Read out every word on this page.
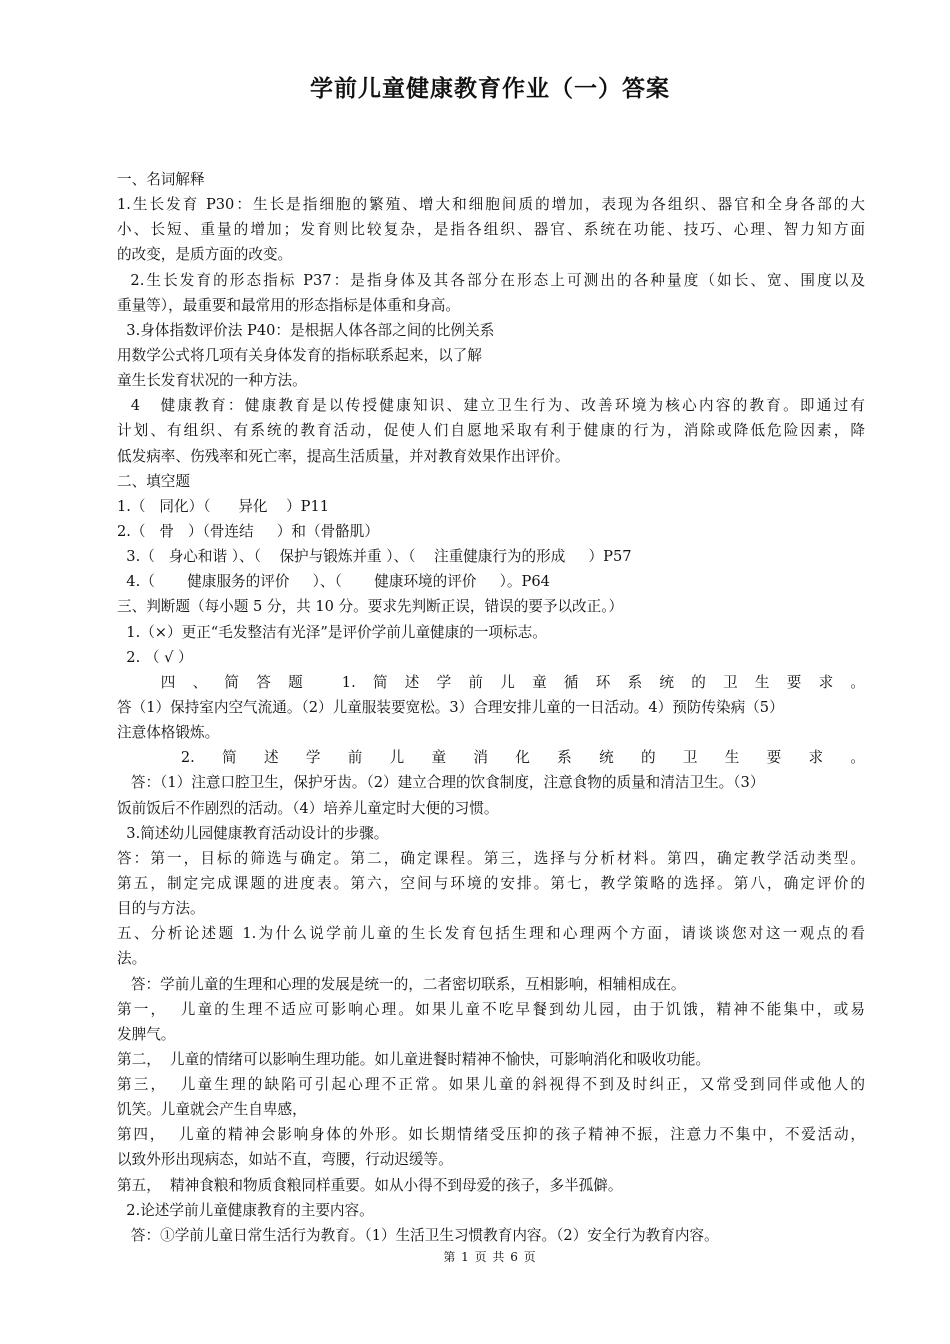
学前儿童健康教育作业（一）答案
一、名词解释
1.生长发育 P30：生长是指细胞的繁殖、增大和细胞间质的增加，表现为各组织、器官和全身各部的大
小、长短、重量的增加；发育则比较复杂，是指各组织、器官、系统在功能、技巧、心理、智力知方面
的改变，是质方面的改变。
2.生长发育的形态指标 P37：是指身体及其各部分在形态上可测出的各种量度（如长、宽、围度以及
重量等），最重要和最常用的形态指标是体重和身高。
3.身体指数评价法 P40：是根据人体各部之间的比例关系
用数学公式将几项有关身体发育的指标联系起来，以了解
童生长发育状况的一种方法。
4   健康教育：健康教育是以传授健康知识、建立卫生行为、改善环境为核心内容的教育。即通过有
计划、有组织、有系统的教育活动，促使人们自愿地采取有利于健康的行为，消除或降低危险因素，降
低发病率、伤残率和死亡率，提高生活质量，并对教育效果作出评价。
二、填空题
1.（   同化）（      异化    ）P11
2.（   骨   ）（骨连结     ）和（骨骼肌）
3.（   身心和谐 ）、（    保护与锻炼并重 ）、（    注重健康行为的形成     ）P57
4.（       健康服务的评价     ）、（       健康环境的评价     ）。P64
三、判断题（每小题 5 分，共 10 分。要求先判断正误，错误的要予以改正。）
1.（×）更正“毛发整洁有光泽”是评价学前儿童健康的一项标志。
2. （ √ ）
四、简答题 1.简述学前儿童循环系统的卫生要求。
答（1）保持室内空气流通。（2）儿童服装要宽松。3）合理安排儿童的一日活动。4）预防传染病（5）
注意体格锻炼。
2.简述学前儿童消化系统的卫生要求。
答：（1）注意口腔卫生，保护牙齿。（2）建立合理的饮食制度，注意食物的质量和清洁卫生。（3）
饭前饭后不作剧烈的活动。（4）培养儿童定时大便的习惯。
3.简述幼儿园健康教育活动设计的步骤。
答：第一，目标的筛选与确定。第二，确定课程。第三，选择与分析材料。第四，确定教学活动类型。
第五，制定完成课题的进度表。第六，空间与环境的安排。第七，教学策略的选择。第八，确定评价的
目的与方法。
五、分析论述题 1.为什么说学前儿童的生长发育包括生理和心理两个方面，请谈谈您对这一观点的看
法。
答：学前儿童的生理和心理的发展是统一的，二者密切联系，互相影响，相辅相成在。
第一，  儿童的生理不适应可影响心理。如果儿童不吃早餐到幼儿园，由于饥饿，精神不能集中，或易
发脾气。
第二，  儿童的情绪可以影响生理功能。如儿童进餐时精神不愉快，可影响消化和吸收功能。
第三，  儿童生理的缺陷可引起心理不正常。如果儿童的斜视得不到及时纠正，又常受到同伴或他人的
饥笑。儿童就会产生自卑感，
第四，  儿童的精神会影响身体的外形。如长期情绪受压抑的孩子精神不振，注意力不集中，不爱活动，
以致外形出现病态，如站不直，弯腰，行动迟缓等。
第五，  精神食粮和物质食粮同样重要。如从小得不到母爱的孩子，多半孤僻。
2.论述学前儿童健康教育的主要内容。
答：①学前儿童日常生活行为教育。（1）生活卫生习惯教育内容。（2）安全行为教育内容。
第 1 页 共 6 页
